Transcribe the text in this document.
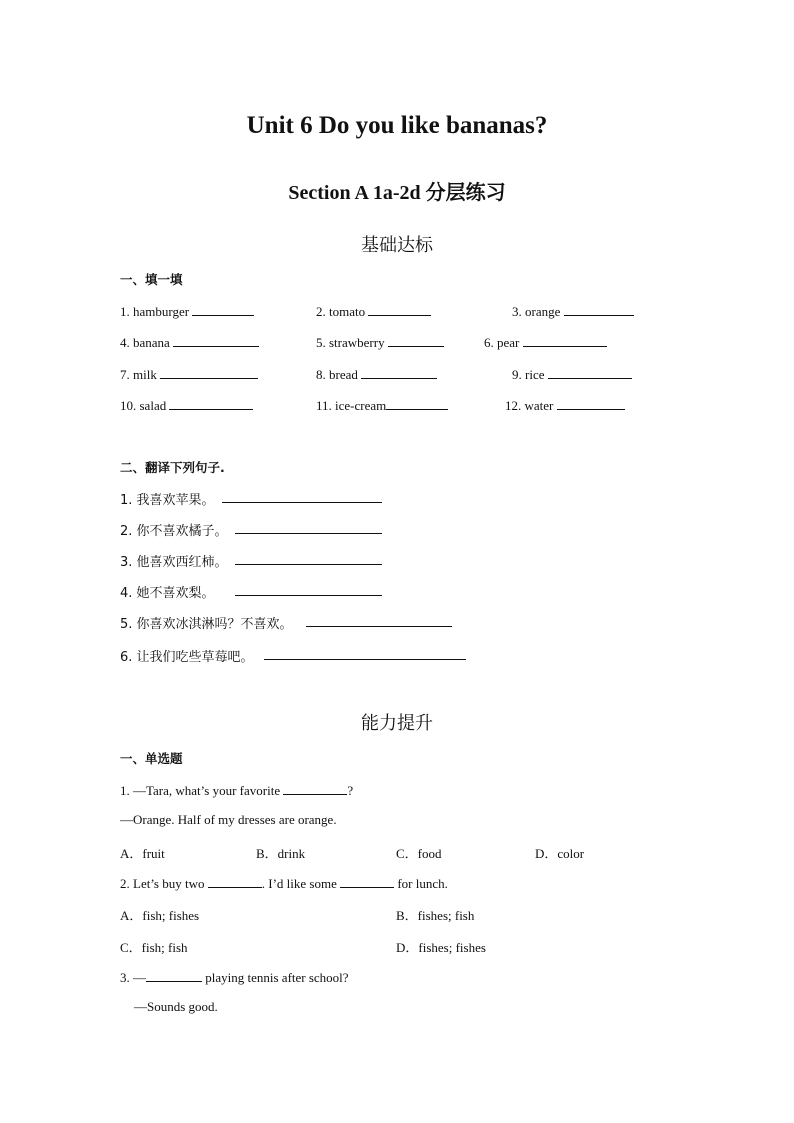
Unit 6 Do you like bananas?
Section A 1a-2d 分层练习
基础达标
一、填一填
1. hamburger	2. tomato	3. orange
4. banana	5. strawberry	6. pear
7. milk	8. bread	9. rice
10. salad	11. ice-cream	12. water
二、翻译下列句子.
1. 我喜欢苹果。
2. 你不喜欢橘子。
3. 他喜欢西红柿。
4. 她不喜欢梨。
5. 你喜欢冰淇淋吗？不喜欢。
6. 让我们吃些草莓吧。
能力提升
一、单选题
1. —Tara, what’s your favorite	?
—Orange. Half of my dresses are orange.
A．fruit	B．drink	C．food	D．color
2. Let’s buy two	. I’d like some	for lunch.
A．fish; fishes	B．fishes; fish
C．fish; fish	D．fishes; fishes
3. —	playing tennis after school?
—Sounds good.
